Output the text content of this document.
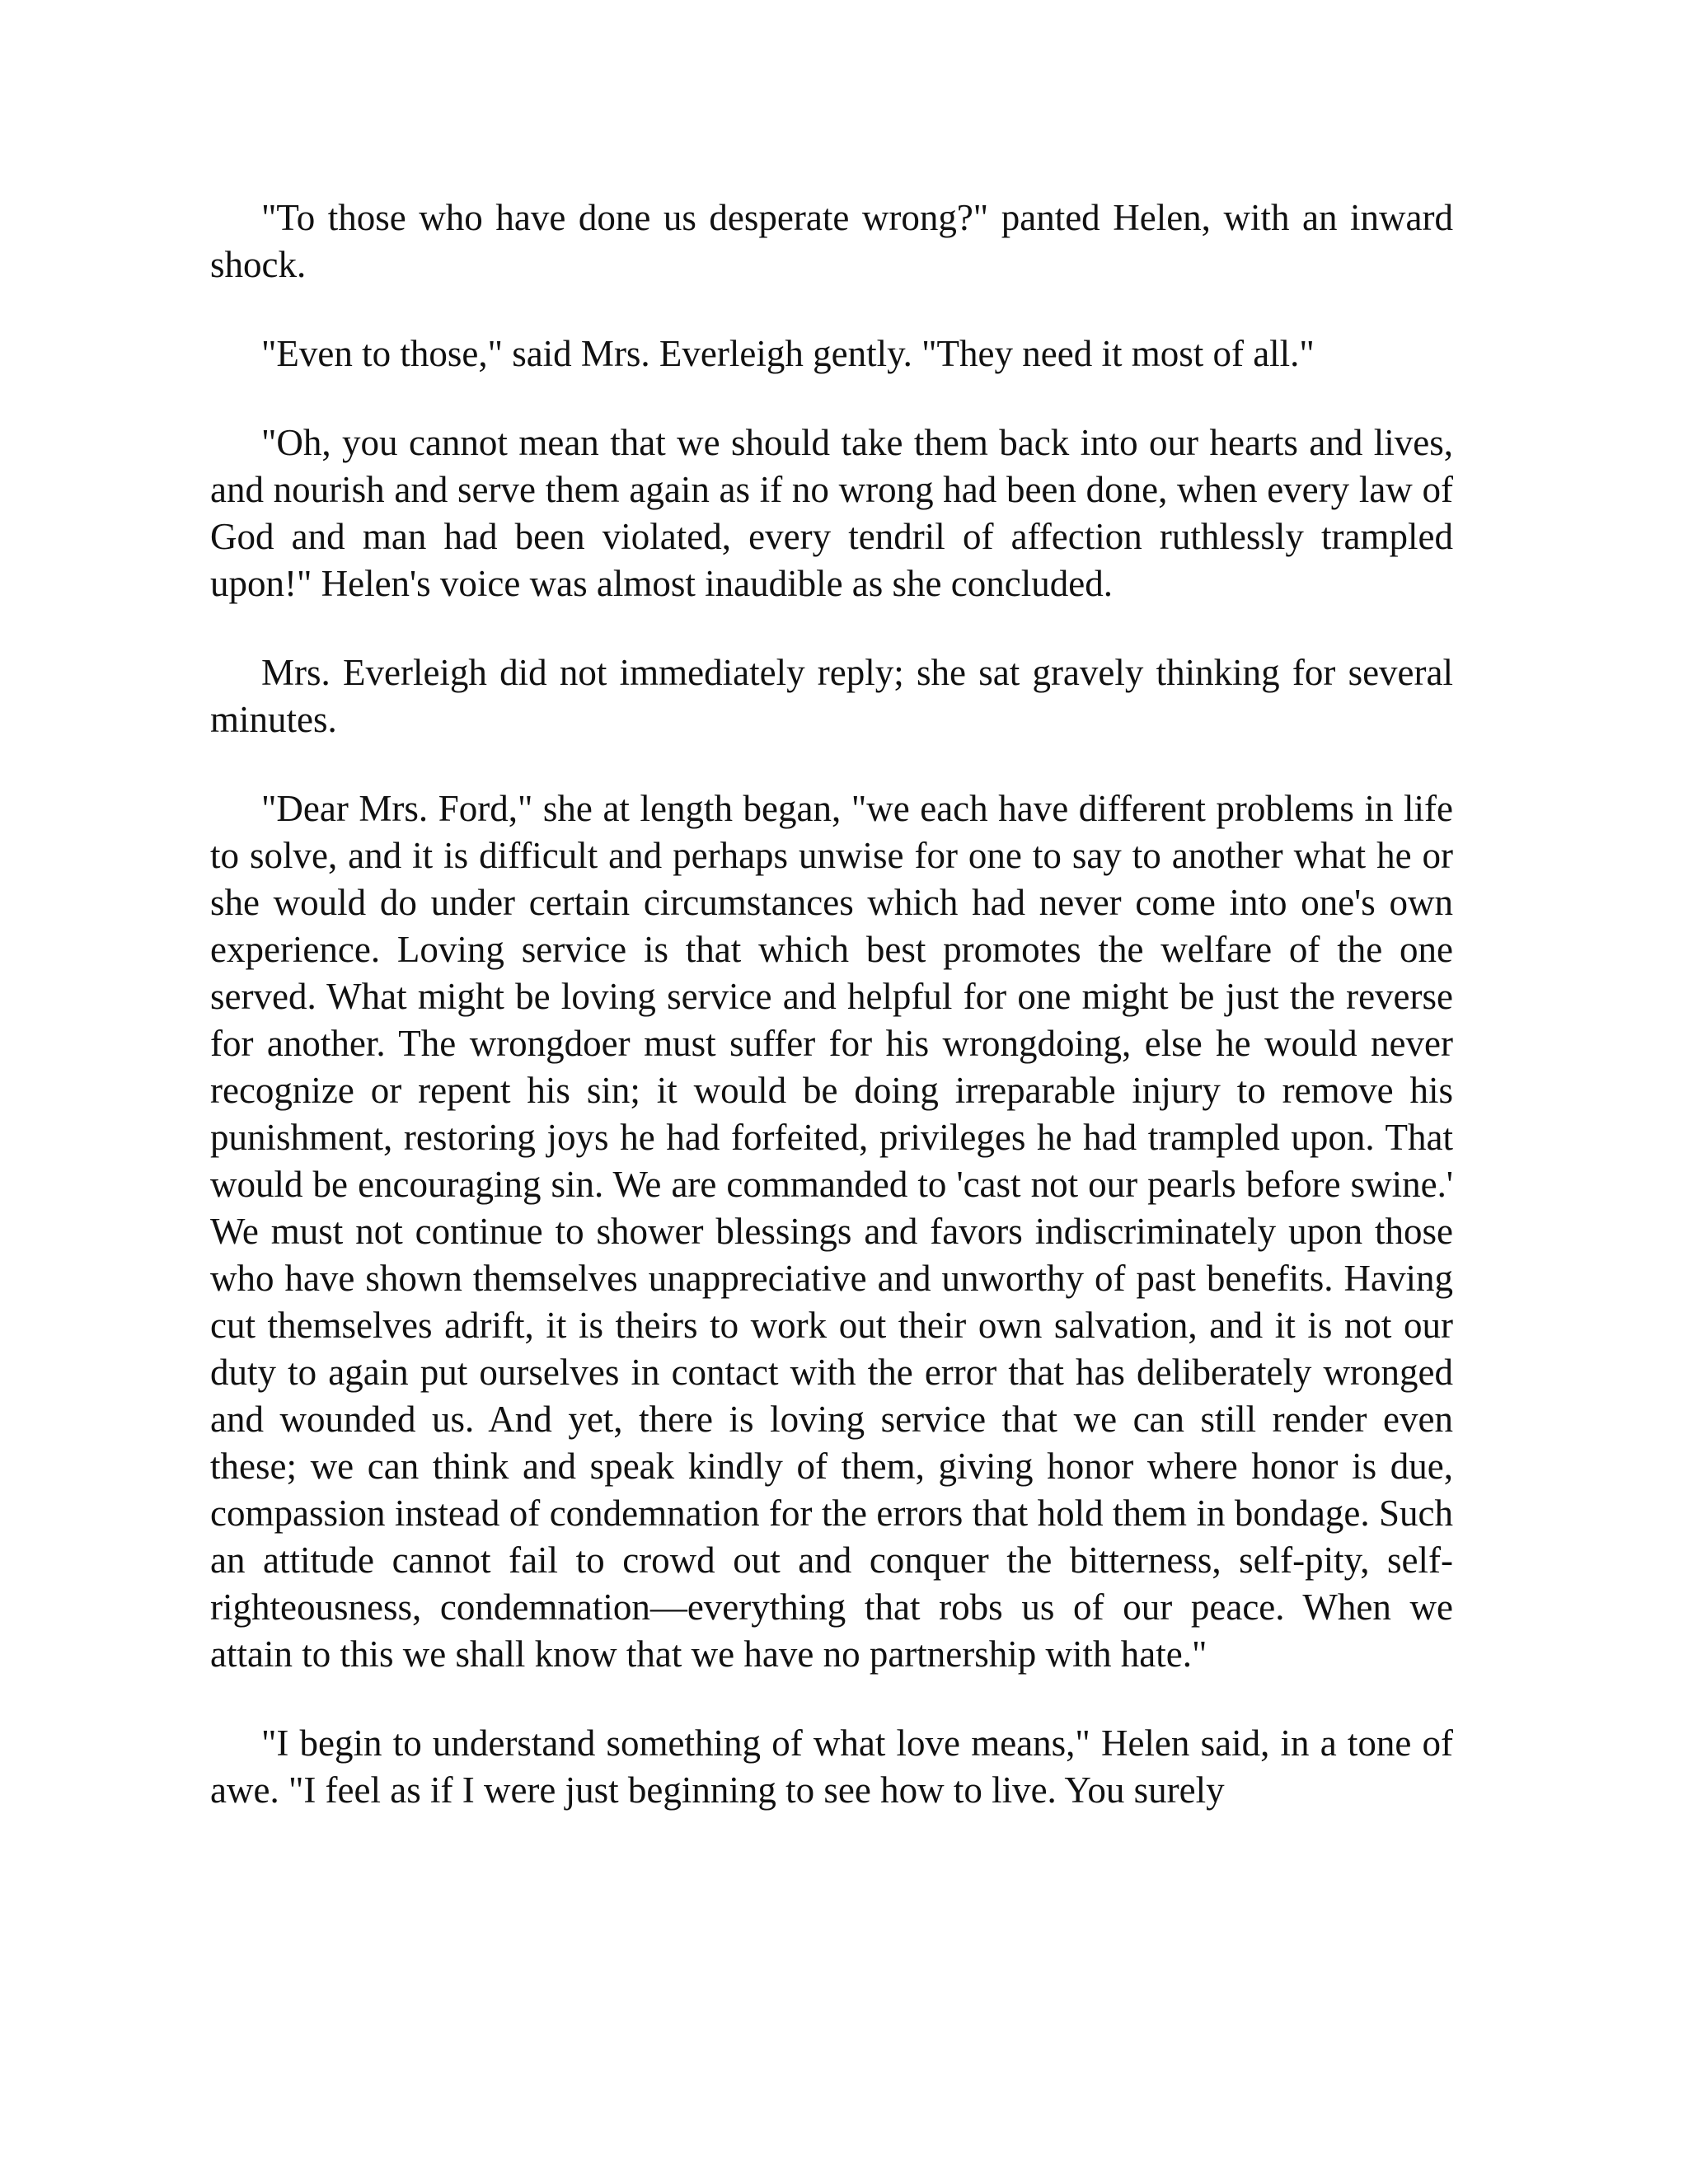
"To those who have done us desperate wrong?" panted Helen, with an inward shock.

"Even to those," said Mrs. Everleigh gently. "They need it most of all."

"Oh, you cannot mean that we should take them back into our hearts and lives, and nourish and serve them again as if no wrong had been done, when every law of God and man had been violated, every tendril of affection ruthlessly trampled upon!" Helen's voice was almost inaudible as she concluded.

Mrs. Everleigh did not immediately reply; she sat gravely thinking for several minutes.

"Dear Mrs. Ford," she at length began, "we each have different problems in life to solve, and it is difficult and perhaps unwise for one to say to another what he or she would do under certain circumstances which had never come into one's own experience. Loving service is that which best promotes the welfare of the one served. What might be loving service and helpful for one might be just the reverse for another. The wrongdoer must suffer for his wrongdoing, else he would never recognize or repent his sin; it would be doing irreparable injury to remove his punishment, restoring joys he had forfeited, privileges he had trampled upon. That would be encouraging sin. We are commanded to 'cast not our pearls before swine.' We must not continue to shower blessings and favors indiscriminately upon those who have shown themselves unappreciative and unworthy of past benefits. Having cut themselves adrift, it is theirs to work out their own salvation, and it is not our duty to again put ourselves in contact with the error that has deliberately wronged and wounded us. And yet, there is loving service that we can still render even these; we can think and speak kindly of them, giving honor where honor is due, compassion instead of condemnation for the errors that hold them in bondage. Such an attitude cannot fail to crowd out and conquer the bitterness, self-pity, self-righteousness, condemnation—everything that robs us of our peace. When we attain to this we shall know that we have no partnership with hate."

"I begin to understand something of what love means," Helen said, in a tone of awe. "I feel as if I were just beginning to see how to live. You surely
